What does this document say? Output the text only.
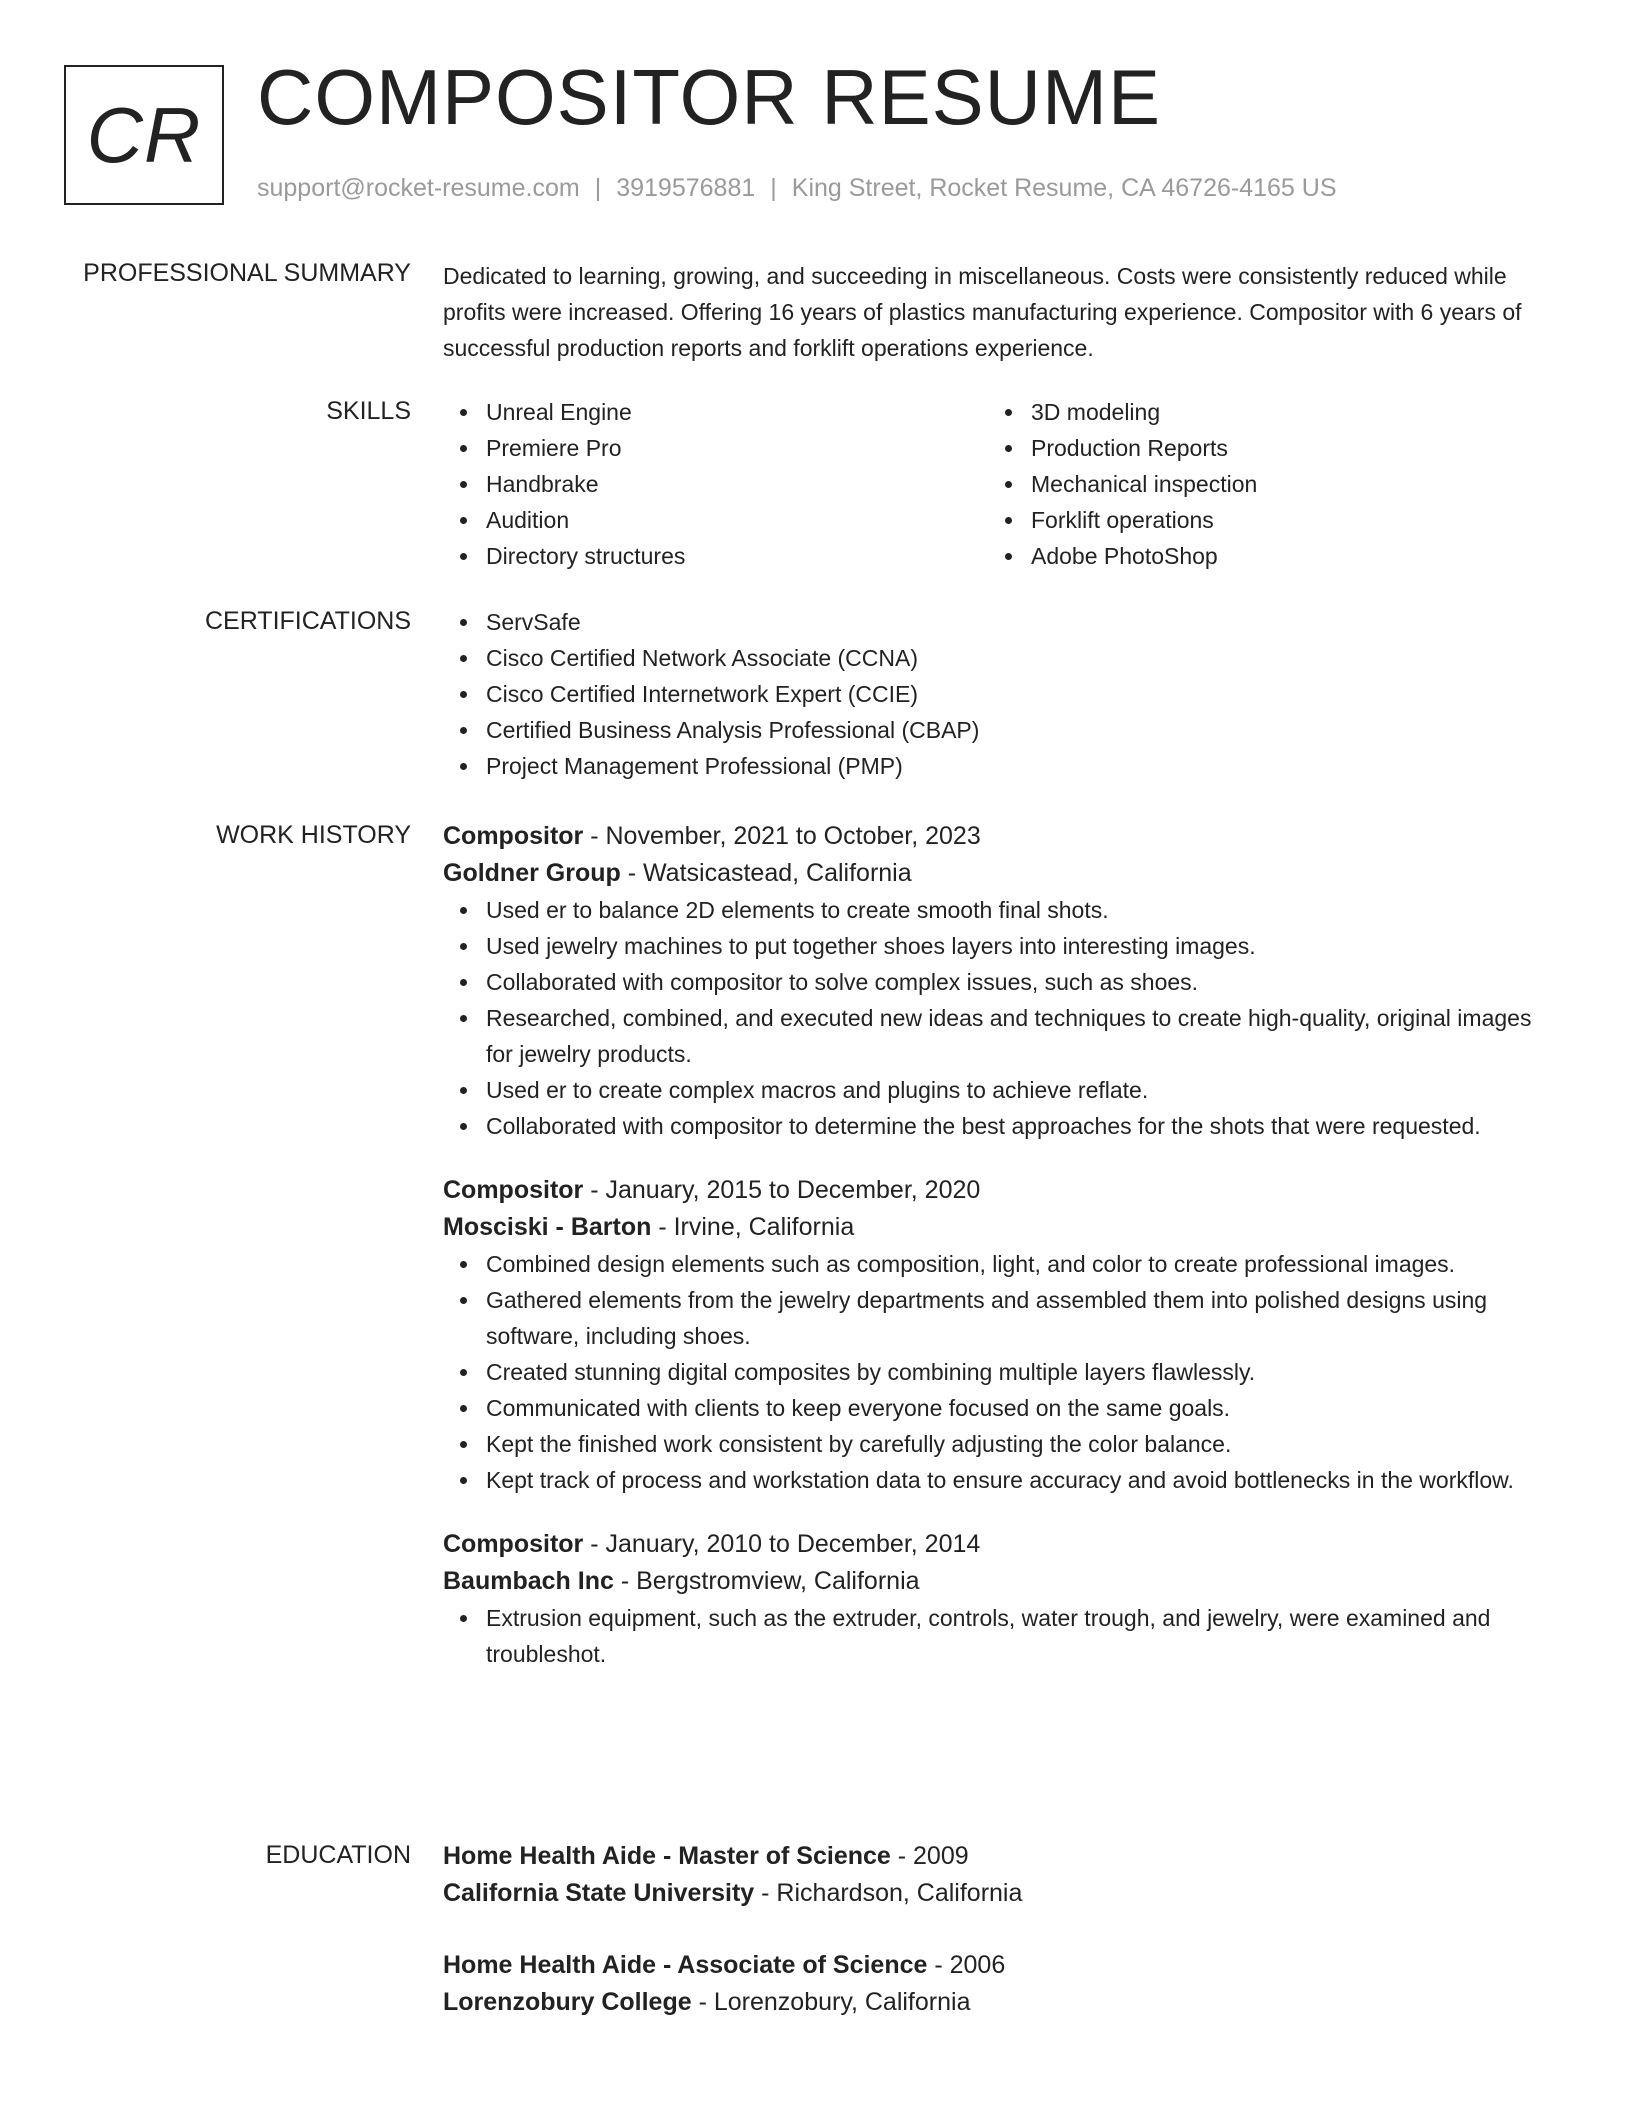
CR COMPOSITOR RESUME
support@rocket-resume.com | 3919576881 | King Street, Rocket Resume, CA 46726-4165 US
PROFESSIONAL SUMMARY Dedicated to learning, growing, and succeeding in miscellaneous. Costs were consistently reduced while profits were increased. Offering 16 years of plastics manufacturing experience. Compositor with 6 years of successful production reports and forklift operations experience.

SKILLS	Unreal Engine
Premiere Pro
Handbrake
Audition
Directory structures
3D modeling
Production Reports
Mechanical inspection
Forklift operations
Adobe PhotoShop
CERTIFICATIONS	ServSafe
Cisco Certified Network Associate (CCNA)
Cisco Certified Internetwork Expert (CCIE)
Certified Business Analysis Professional (CBAP)
Project Management Professional (PMP)
WORK HISTORY Compositor - November, 2021 to October, 2023
Goldner Group - Watsicastead, California
Used er to balance 2D elements to create smooth final shots.
Used jewelry machines to put together shoes layers into interesting images.
Collaborated with compositor to solve complex issues, such as shoes.
Researched, combined, and executed new ideas and techniques to create high-quality, original images for jewelry products.
Used er to create complex macros and plugins to achieve reflate.
Collaborated with compositor to determine the best approaches for the shots that were requested.
Compositor - January, 2015 to December, 2020
Mosciski - Barton - Irvine, California
Combined design elements such as composition, light, and color to create professional images.
Gathered elements from the jewelry departments and assembled them into polished designs using software, including shoes.
Created stunning digital composites by combining multiple layers flawlessly.
Communicated with clients to keep everyone focused on the same goals.
Kept the finished work consistent by carefully adjusting the color balance.
Kept track of process and workstation data to ensure accuracy and avoid bottlenecks in the workflow.
Compositor - January, 2010 to December, 2014
Baumbach Inc - Bergstromview, California
Extrusion equipment, such as the extruder, controls, water trough, and jewelry, were examined and troubleshot.
EDUCATION Home Health Aide - Master of Science - 2009
California State University - Richardson, California
Home Health Aide - Associate of Science - 2006
Lorenzobury College - Lorenzobury, California
